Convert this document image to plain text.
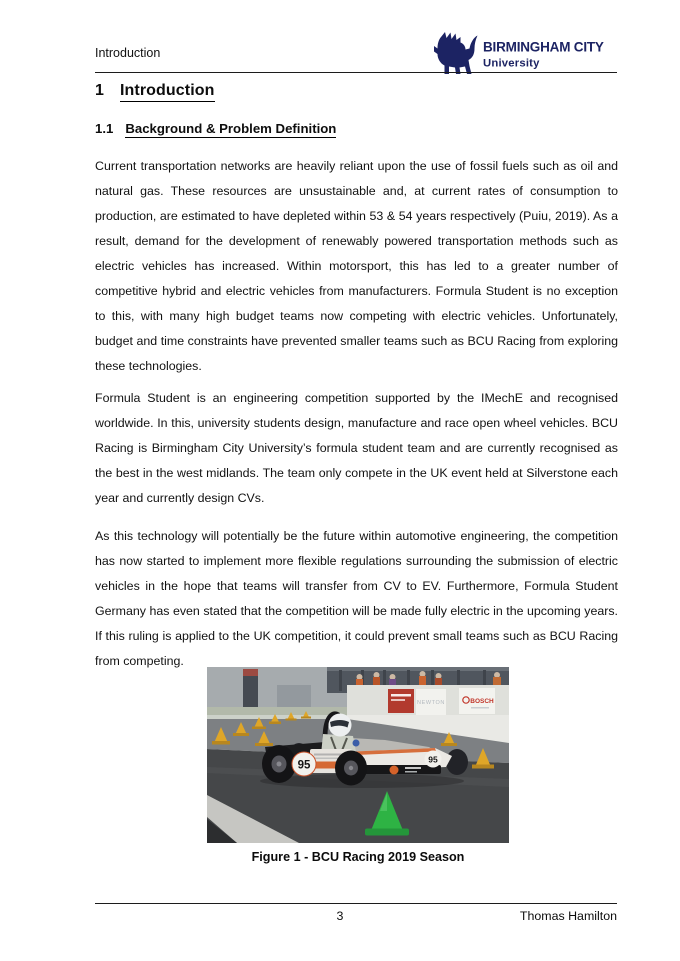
Introduction	BIRMINGHAM CITY
University
1 Introduction
1.1 Background & Problem Definition

Current transportation networks are heavily reliant upon the use of fossil fuels such as oil and natural gas. These resources are unsustainable and, at current rates of consumption to production, are estimated to have depleted within 53 & 54 years respectively (Puiu, 2019). As a result, demand for the development of renewably powered transportation methods such as electric vehicles has increased. Within motorsport, this has led to a greater number of competitive hybrid and electric vehicles from manufacturers. Formula Student is no exception to this, with many high budget teams now competing with electric vehicles. Unfortunately, budget and time constraints have prevented smaller teams such as BCU Racing from exploring these technologies.

Formula Student is an engineering competition supported by the IMechE and recognised worldwide. In this, university students design, manufacture and race open wheel vehicles. BCU Racing is Birmingham City University’s formula student team and are currently recognised as the best in the west midlands. The team only compete in the UK event held at Silverstone each year and currently design CVs.

As this technology will potentially be the future within automotive engineering, the competition has now started to implement more flexible regulations surrounding the submission of electric vehicles in the hope that teams will transfer from CV to EV. Furthermore, Formula Student Germany has even stated that the competition will be made fully electric in the upcoming years. If this ruling is applied to the UK competition, it could prevent small teams such as BCU Racing from competing.

NEWTON	BOSCH
95	95
Figure 1 - BCU Racing 2019 Season
3	Thomas Hamilton
